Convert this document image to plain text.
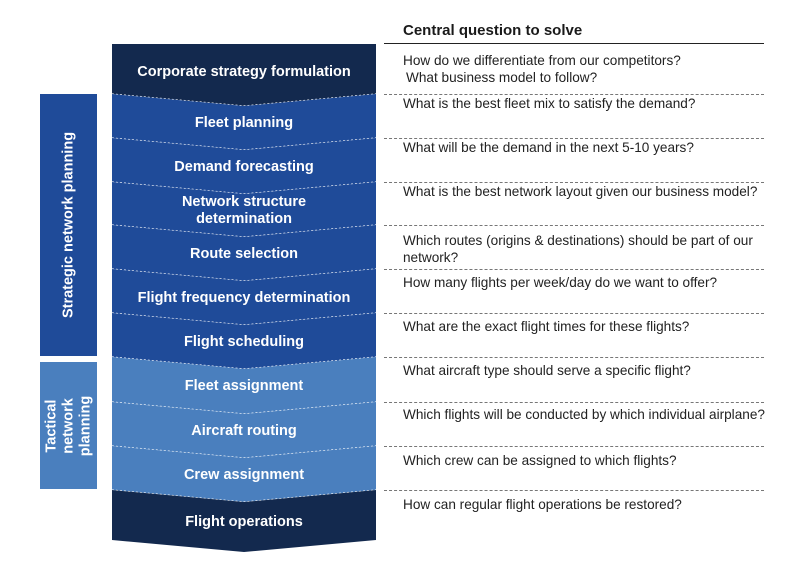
Strategic network planning
Tactical network planning
Central question to solve
Corporate strategy formulation
Fleet planning
Demand forecasting
Network structure
determination
Route selection
Flight frequency determination
Flight scheduling
Fleet assignment
Aircraft routing
Crew assignment
Flight operations
How do we differentiate from our competitors?
What business model to follow?
What is the best fleet mix to satisfy the demand?
What will be the demand in the next 5-10 years?
What is the best network layout given our business model?
Which routes (origins & destinations) should be part of our network?
How many flights per week/day do we want to offer?
What are the exact flight times for these flights?
What aircraft type should serve a specific flight?
Which flights will be conducted by which individual airplane?
Which crew can be assigned to which flights?
How can regular flight operations be restored?
